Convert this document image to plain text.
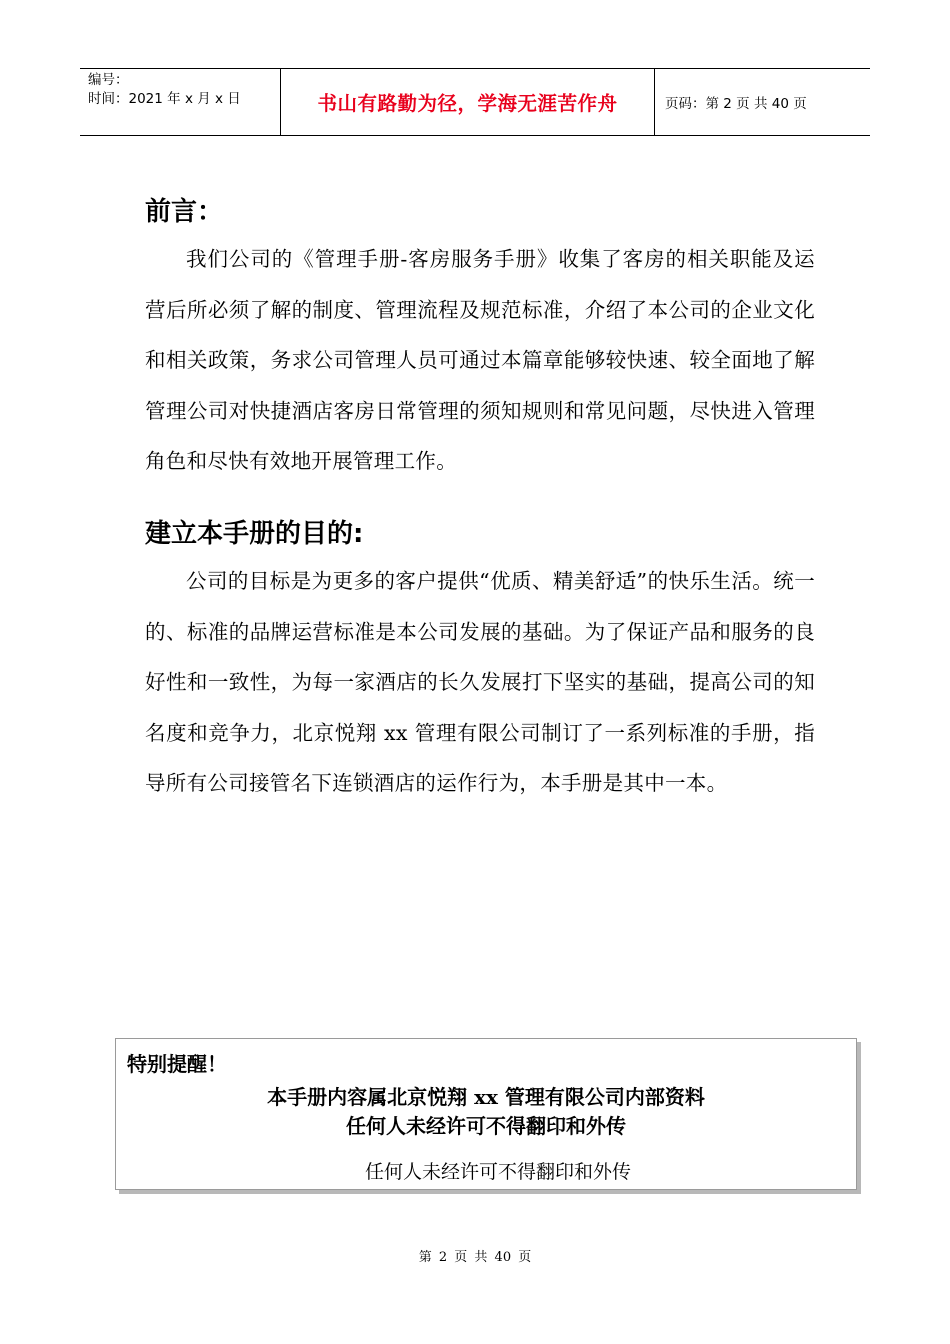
编号：
时间：2021 年 x 月 x 日	书山有路勤为径，学海无涯苦作舟	页码：第 2 页 共 40 页
前言：
我们公司的《管理手册-客房服务手册》收集了客房的相关职能及运营后所必须了解的制度、管理流程及规范标准，介绍了本公司的企业文化和相关政策，务求公司管理人员可通过本篇章能够较快速、较全面地了解管理公司对快捷酒店客房日常管理的须知规则和常见问题，尽快进入管理角色和尽快有效地开展管理工作。
建立本手册的目的:
公司的目标是为更多的客户提供“优质、精美舒适”的快乐生活。统一的、标准的品牌运营标准是本公司发展的基础。为了保证产品和服务的良好性和一致性，为每一家酒店的长久发展打下坚实的基础，提高公司的知名度和竞争力，北京悦翔 xx 管理有限公司制订了一系列标准的手册，指导所有公司接管名下连锁酒店的运作行为，本手册是其中一本。
特别提醒！
本手册内容属北京悦翔 xx 管理有限公司内部资料
任何人未经许可不得翻印和外传
任何人未经许可不得翻印和外传
第 2 页 共 40 页
